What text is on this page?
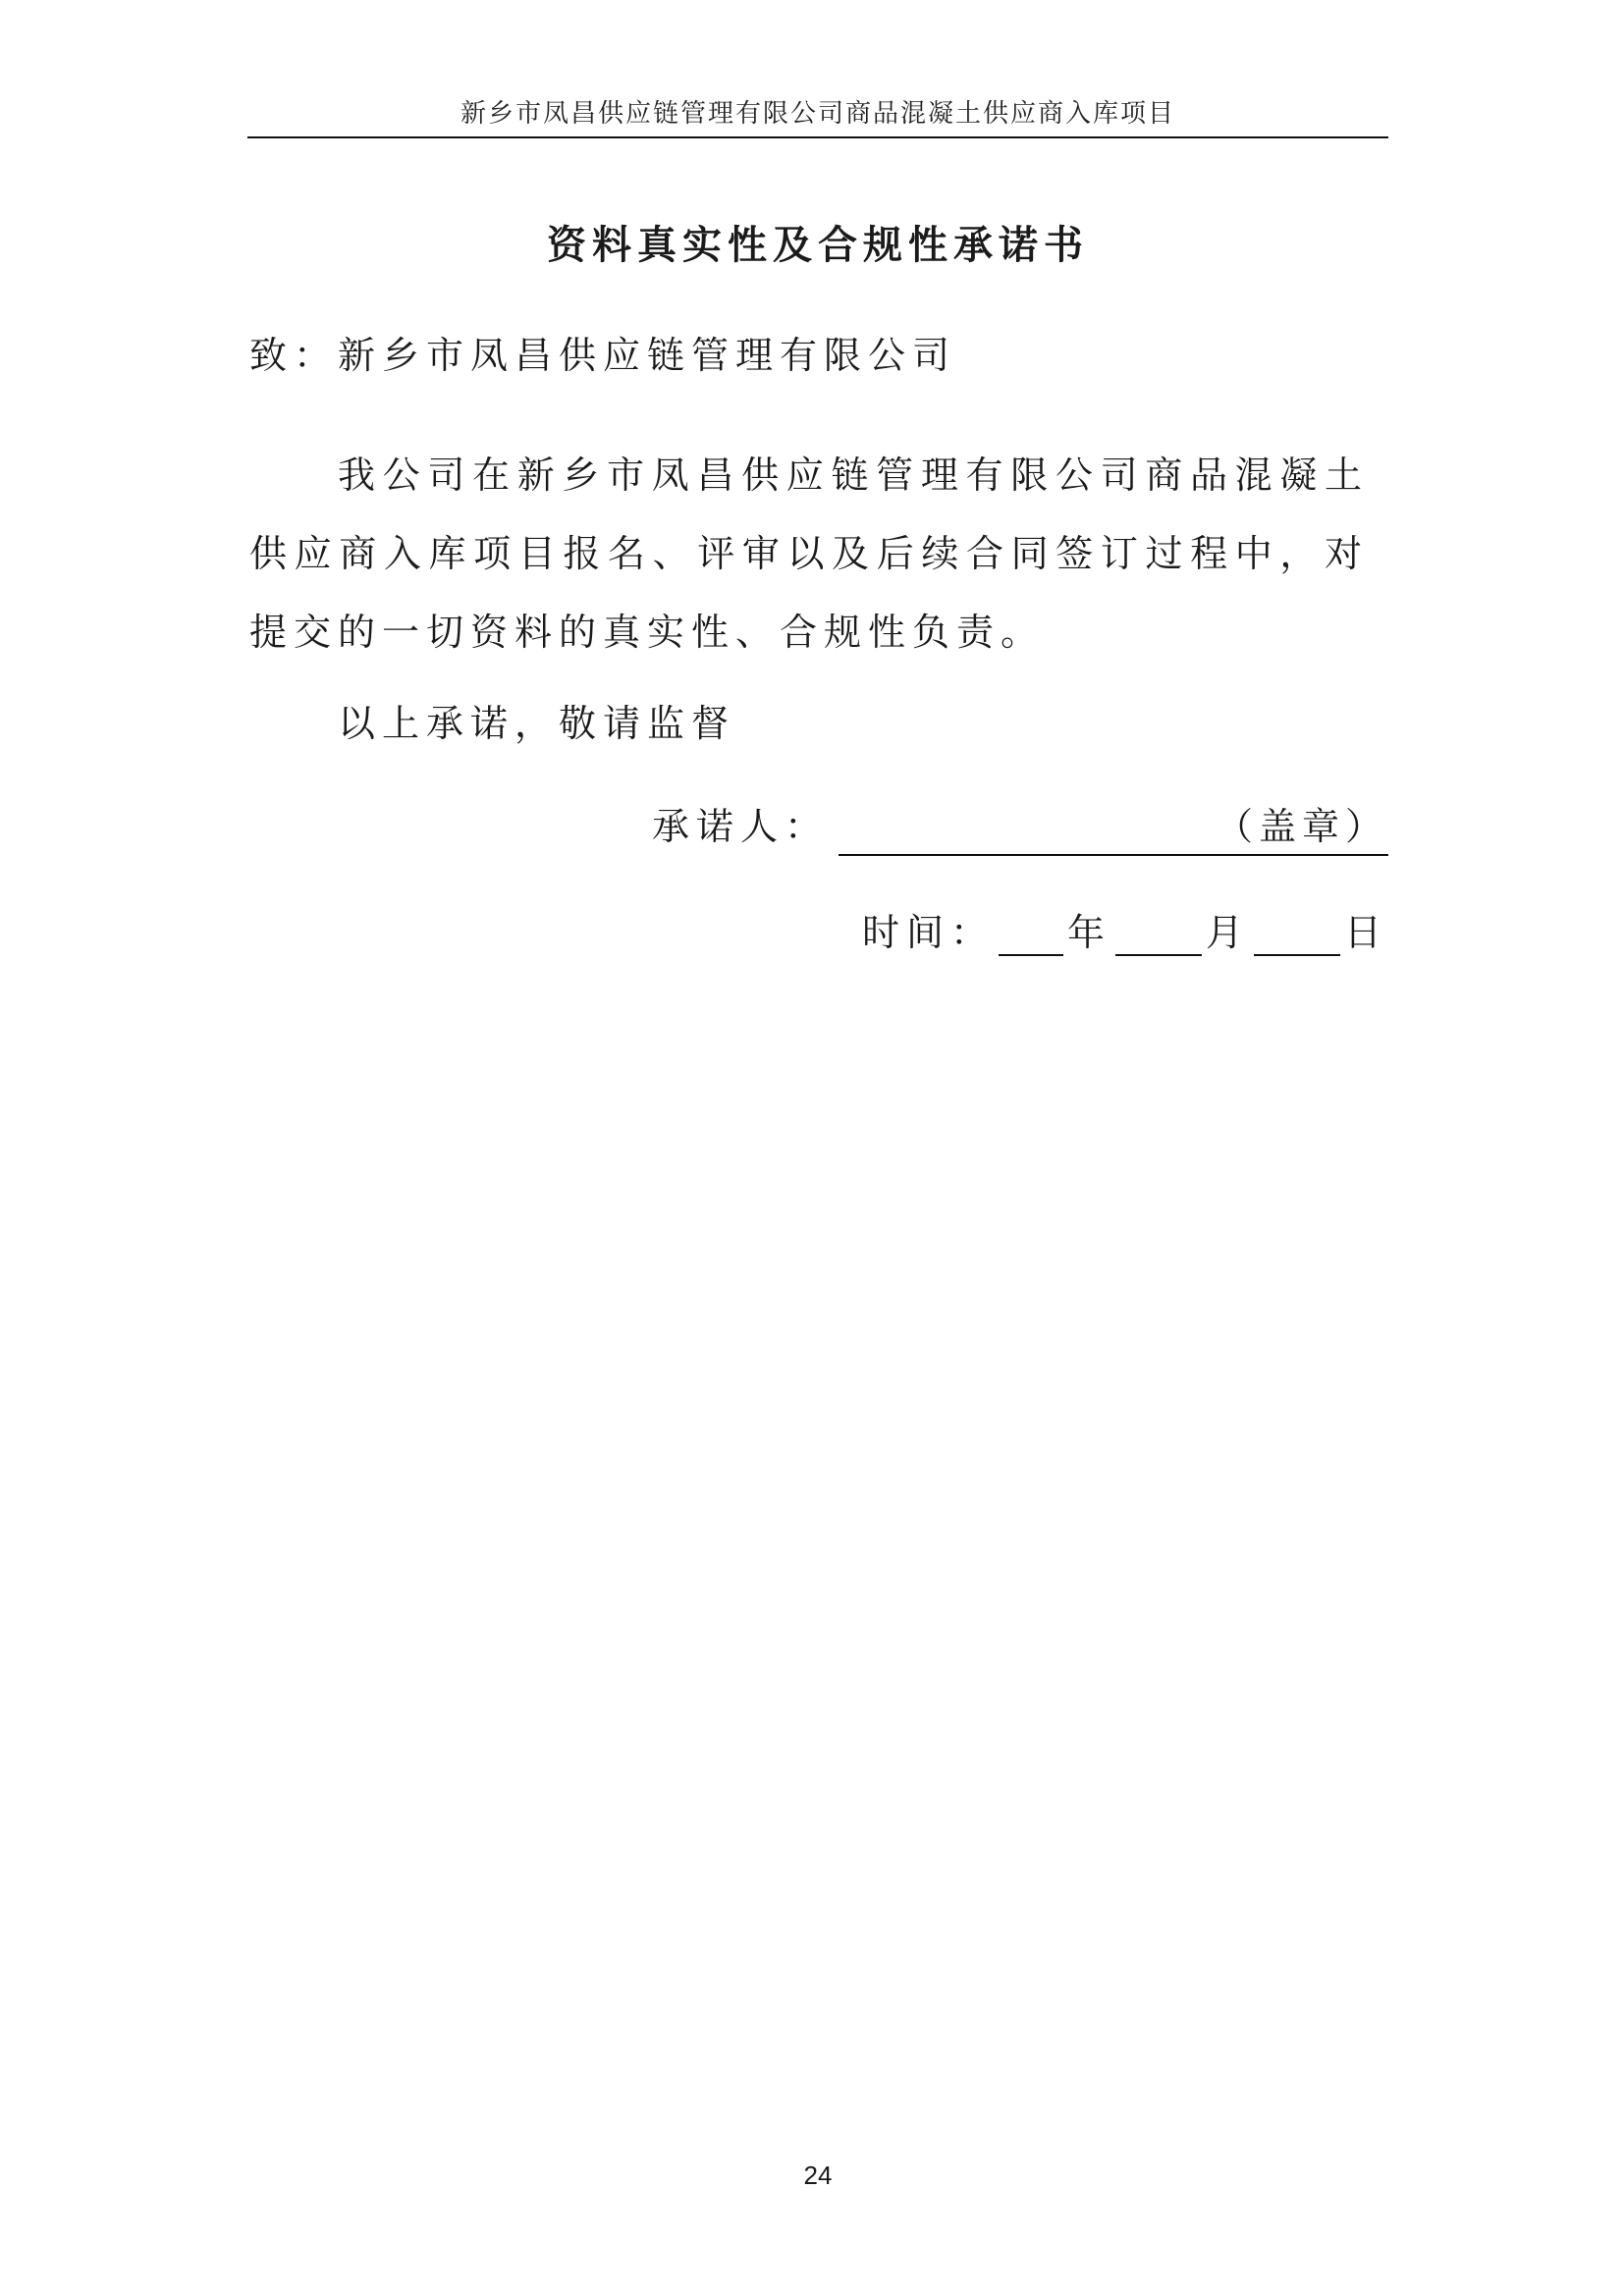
新乡市凤昌供应链管理有限公司商品混凝土供应商入库项目
资料真实性及合规性承诺书
致：新乡市凤昌供应链管理有限公司

我公司在新乡市凤昌供应链管理有限公司商品混凝土供应商入库项目报名、评审以及后续合同签订过程中，对提交的一切资料的真实性、合规性负责。

以上承诺，敬请监督
承诺人：	（盖章）
时间： 年	月	日
24
